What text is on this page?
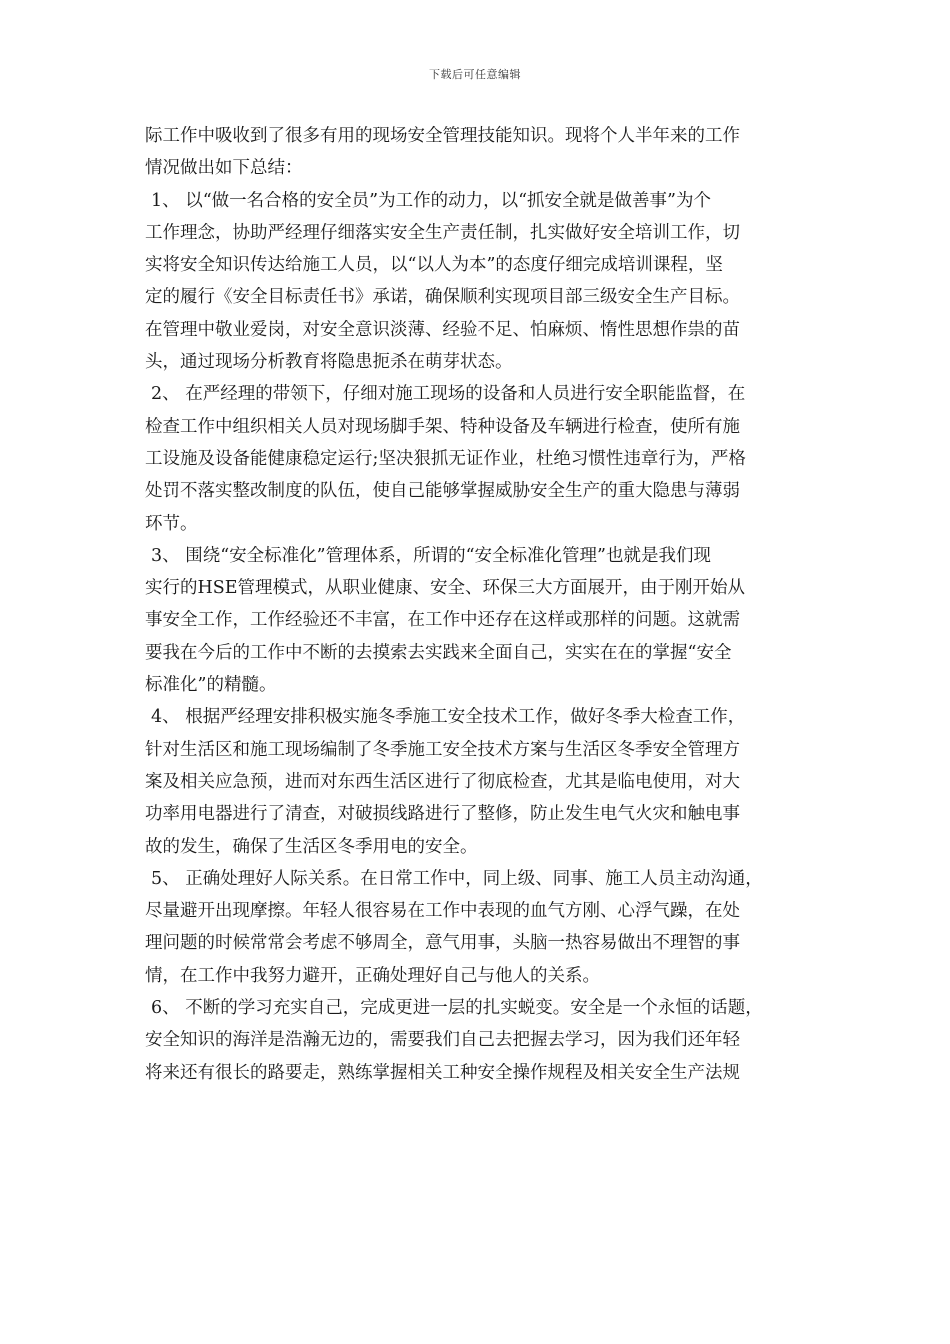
下载后可任意编辑
际工作中吸收到了很多有用的现场安全管理技能知识。现将个人半年来的工作
情况做出如下总结：
1、 以“做一名合格的安全员”为工作的动力，以“抓安全就是做善事”为个
工作理念，协助严经理仔细落实安全生产责任制，扎实做好安全培训工作，切
实将安全知识传达给施工人员，以“以人为本”的态度仔细完成培训课程，坚
定的履行《安全目标责任书》承诺，确保顺利实现项目部三级安全生产目标。
在管理中敬业爱岗，对安全意识淡薄、经验不足、怕麻烦、惰性思想作祟的苗
头，通过现场分析教育将隐患扼杀在萌芽状态。
2、 在严经理的带领下，仔细对施工现场的设备和人员进行安全职能监督，在
检查工作中组织相关人员对现场脚手架、特种设备及车辆进行检查，使所有施
工设施及设备能健康稳定运行;坚决狠抓无证作业，杜绝习惯性违章行为，严格
处罚不落实整改制度的队伍，使自己能够掌握威胁安全生产的重大隐患与薄弱
环节。
3、 围绕“安全标准化”管理体系，所谓的“安全标准化管理”也就是我们现
实行的HSE管理模式，从职业健康、安全、环保三大方面展开，由于刚开始从
事安全工作，工作经验还不丰富，在工作中还存在这样或那样的问题。这就需
要我在今后的工作中不断的去摸索去实践来全面自己，实实在在的掌握“安全
标准化”的精髓。
4、 根据严经理安排积极实施冬季施工安全技术工作，做好冬季大检查工作，
针对生活区和施工现场编制了冬季施工安全技术方案与生活区冬季安全管理方
案及相关应急预，进而对东西生活区进行了彻底检查，尤其是临电使用，对大
功率用电器进行了清查，对破损线路进行了整修，防止发生电气火灾和触电事
故的发生，确保了生活区冬季用电的安全。
5、 正确处理好人际关系。在日常工作中，同上级、同事、施工人员主动沟通，
尽量避开出现摩擦。年轻人很容易在工作中表现的血气方刚、心浮气躁，在处
理问题的时候常常会考虑不够周全，意气用事，头脑一热容易做出不理智的事
情，在工作中我努力避开，正确处理好自己与他人的关系。
6、 不断的学习充实自己，完成更进一层的扎实蜕变。安全是一个永恒的话题，
安全知识的海洋是浩瀚无边的，需要我们自己去把握去学习，因为我们还年轻
将来还有很长的路要走，熟练掌握相关工种安全操作规程及相关安全生产法规
